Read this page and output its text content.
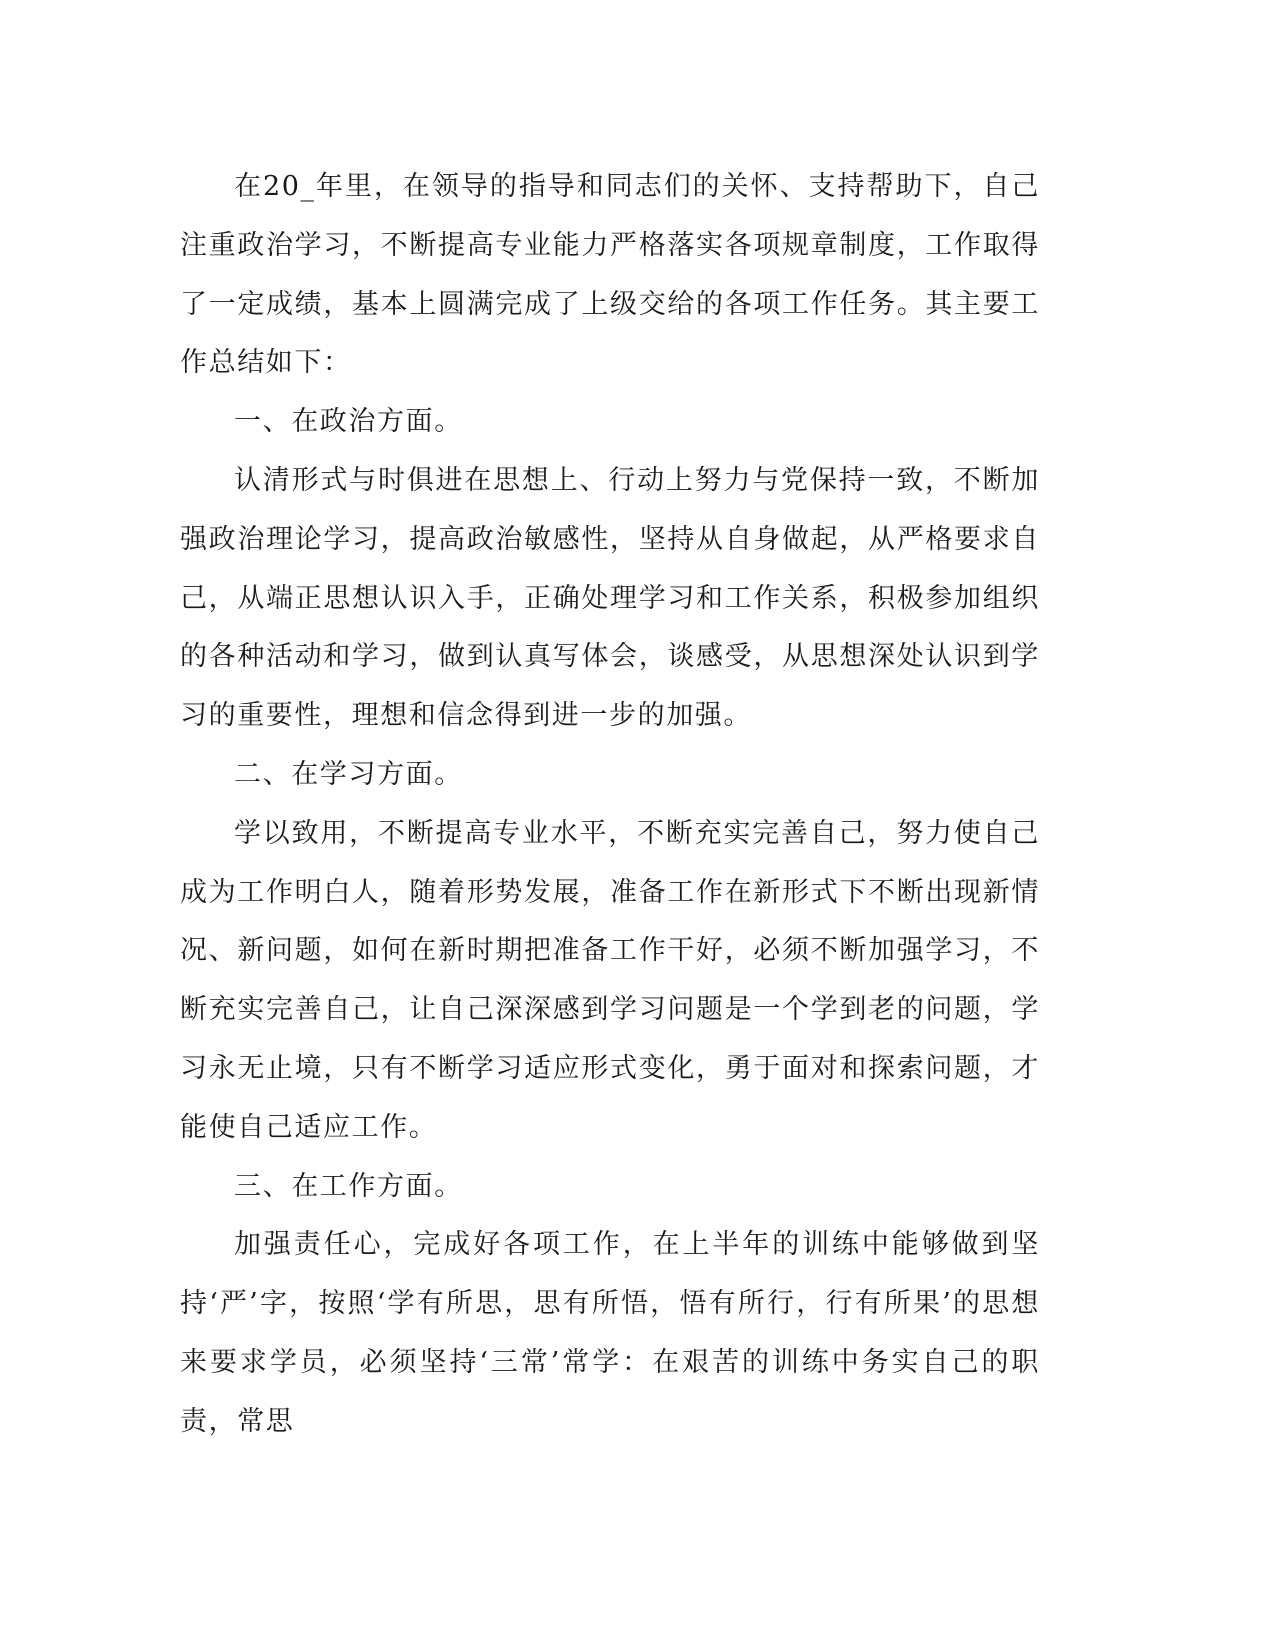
在20_年里，在领导的指导和同志们的关怀、支持帮助下，自己注重政治学习，不断提高专业能力严格落实各项规章制度，工作取得了一定成绩，基本上圆满完成了上级交给的各项工作任务。其主要工作总结如下：

一、在政治方面。

认清形式与时俱进在思想上、行动上努力与党保持一致，不断加强政治理论学习，提高政治敏感性，坚持从自身做起，从严格要求自己，从端正思想认识入手，正确处理学习和工作关系，积极参加组织的各种活动和学习，做到认真写体会，谈感受，从思想深处认识到学习的重要性，理想和信念得到进一步的加强。

二、在学习方面。

学以致用，不断提高专业水平，不断充实完善自己，努力使自己成为工作明白人，随着形势发展，准备工作在新形式下不断出现新情况、新问题，如何在新时期把准备工作干好，必须不断加强学习，不断充实完善自己，让自己深深感到学习问题是一个学到老的问题，学习永无止境，只有不断学习适应形式变化，勇于面对和探索问题，才能使自己适应工作。

三、在工作方面。

加强责任心，完成好各项工作，在上半年的训练中能够做到坚持‘严’字，按照‘学有所思，思有所悟，悟有所行，行有所果’的思想来要求学员，必须坚持‘三常’常学：在艰苦的训练中务实自己的职责，常思
